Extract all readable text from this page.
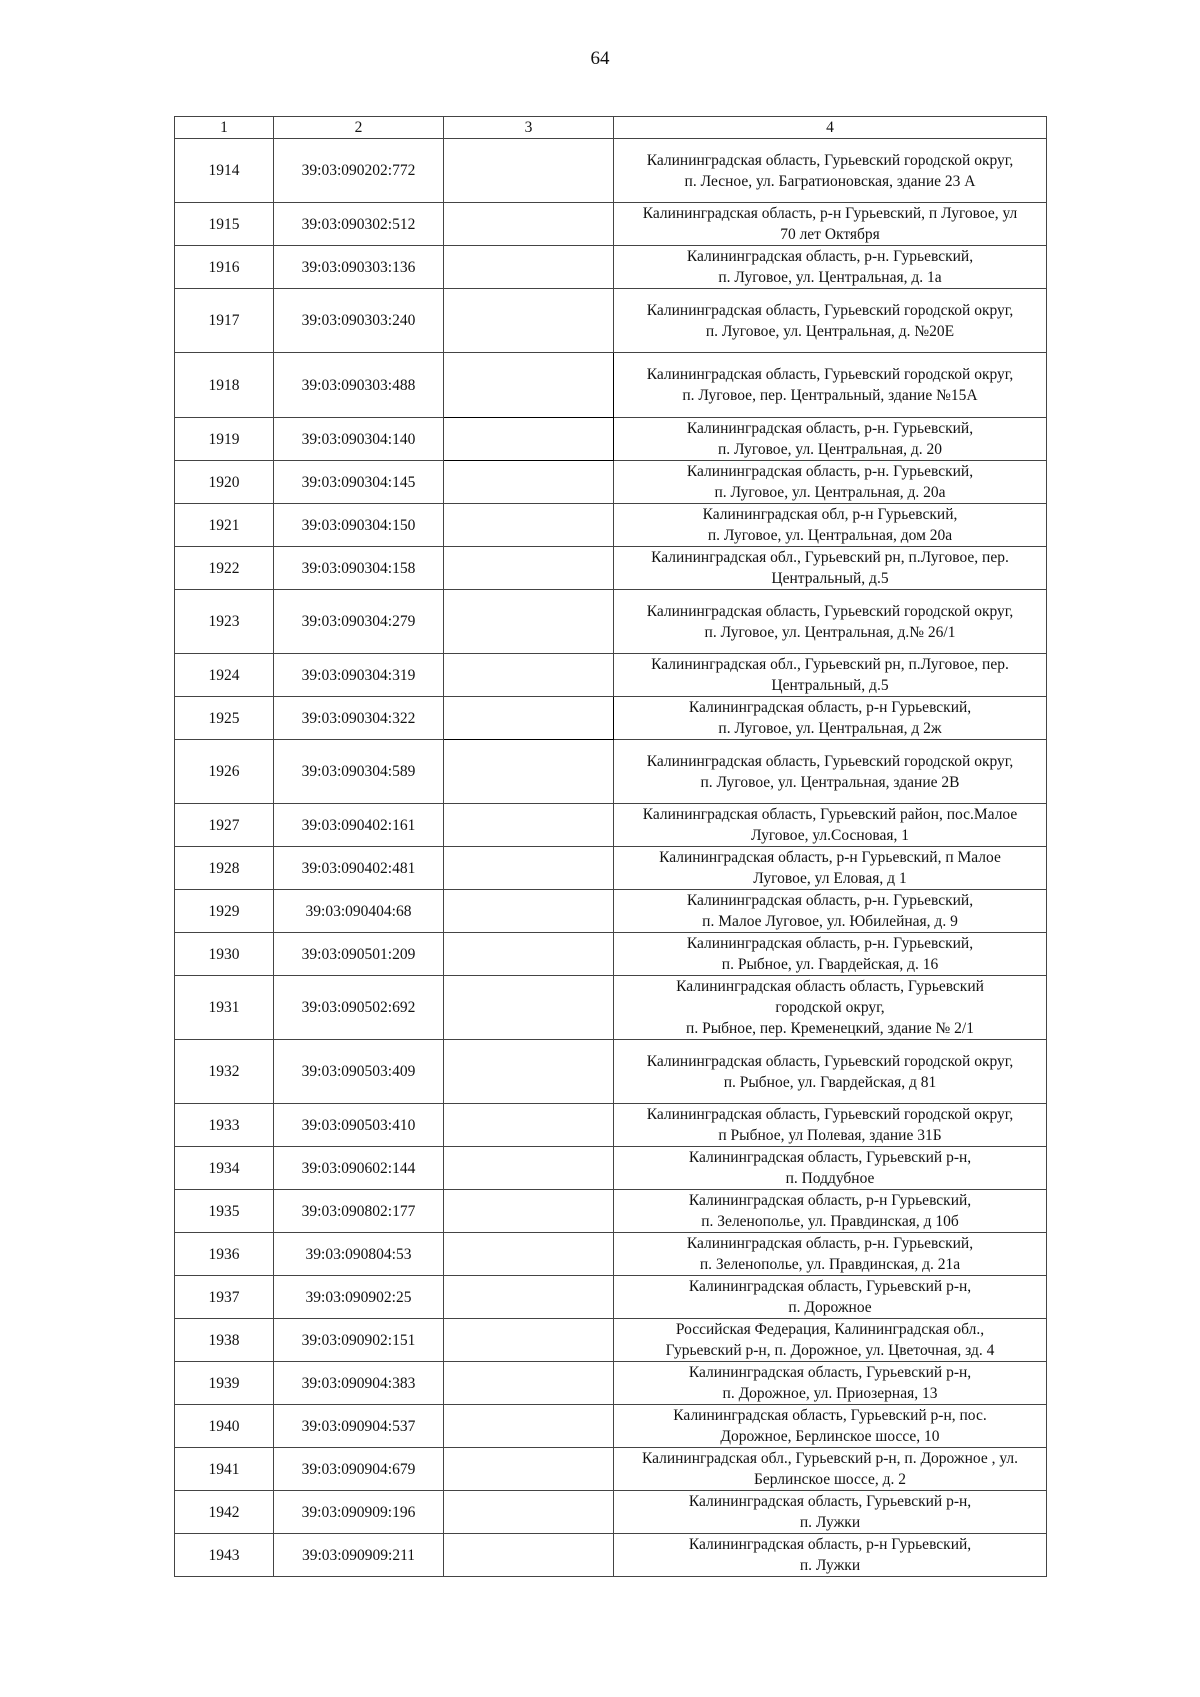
64
1	2	3	4
1914	39:03:090202:772		Калининградская область, Гурьевский городской округ,
п. Лесное, ул. Багратионовская, здание 23 А
1915	39:03:090302:512		Калининградская область, р-н Гурьевский, п Луговое, ул
70 лет Октября
1916	39:03:090303:136		Калининградская область, р-н. Гурьевский,
п. Луговое, ул. Центральная, д. 1а
1917	39:03:090303:240		Калининградская область, Гурьевский городской округ,
п. Луговое, ул. Центральная, д. №20Е
1918	39:03:090303:488		Калининградская область, Гурьевский городской округ,
п. Луговое, пер. Центральный, здание №15А
1919	39:03:090304:140		Калининградская область, р-н. Гурьевский,
п. Луговое, ул. Центральная, д. 20
1920	39:03:090304:145		Калининградская область, р-н. Гурьевский,
п. Луговое, ул. Центральная, д. 20а
1921	39:03:090304:150		Калининградская обл, р-н Гурьевский,
п. Луговое, ул. Центральная, дом 20а
1922	39:03:090304:158		Калининградская обл., Гурьевский рн, п.Луговое, пер.
Центральный, д.5
1923	39:03:090304:279		Калининградская область, Гурьевский городской округ,
п. Луговое, ул. Центральная, д.№ 26/1
1924	39:03:090304:319		Калининградская обл., Гурьевский рн, п.Луговое, пер.
Центральный, д.5
1925	39:03:090304:322		Калининградская область, р-н Гурьевский,
п. Луговое, ул. Центральная, д 2ж
1926	39:03:090304:589		Калининградская область, Гурьевский городской округ,
п. Луговое, ул. Центральная, здание 2В
1927	39:03:090402:161		Калининградская область, Гурьевский район, пос.Малое
Луговое, ул.Сосновая, 1
1928	39:03:090402:481		Калининградская область, р-н Гурьевский, п Малое
Луговое, ул Еловая, д 1
1929	39:03:090404:68		Калининградская область, р-н. Гурьевский,
п. Малое Луговое, ул. Юбилейная, д. 9
1930	39:03:090501:209		Калининградская область, р-н. Гурьевский,
п. Рыбное, ул. Гвардейская, д. 16
1931	39:03:090502:692		Калининградская область область, Гурьевский
городской округ,
п. Рыбное, пер. Кременецкий, здание № 2/1
1932	39:03:090503:409		Калининградская область, Гурьевский городской округ,
п. Рыбное, ул. Гвардейская, д 81
1933	39:03:090503:410		Калининградская область, Гурьевский городской округ,
п Рыбное, ул Полевая, здание 31Б
1934	39:03:090602:144		Калининградская область, Гурьевский р-н,
п. Поддубное
1935	39:03:090802:177		Калининградская область, р-н Гурьевский,
п. Зеленополье, ул. Правдинская, д 10б
1936	39:03:090804:53		Калининградская область, р-н. Гурьевский,
п. Зеленополье, ул. Правдинская, д. 21а
1937	39:03:090902:25		Калининградская область, Гурьевский р-н,
п. Дорожное
1938	39:03:090902:151		Российская Федерация, Калининградская обл.,
Гурьевский р-н, п. Дорожное, ул. Цветочная, зд. 4
1939	39:03:090904:383		Калининградская область, Гурьевский р-н,
п. Дорожное, ул. Приозерная, 13
1940	39:03:090904:537		Калининградская область, Гурьевский р-н, пос.
Дорожное, Берлинское шоссе, 10
1941	39:03:090904:679		Калининградская обл., Гурьевский р-н, п. Дорожное , ул.
Берлинское шоссе, д. 2
1942	39:03:090909:196		Калининградская область, Гурьевский р-н,
п. Лужки
1943	39:03:090909:211		Калининградская область, р-н Гурьевский,
п. Лужки
